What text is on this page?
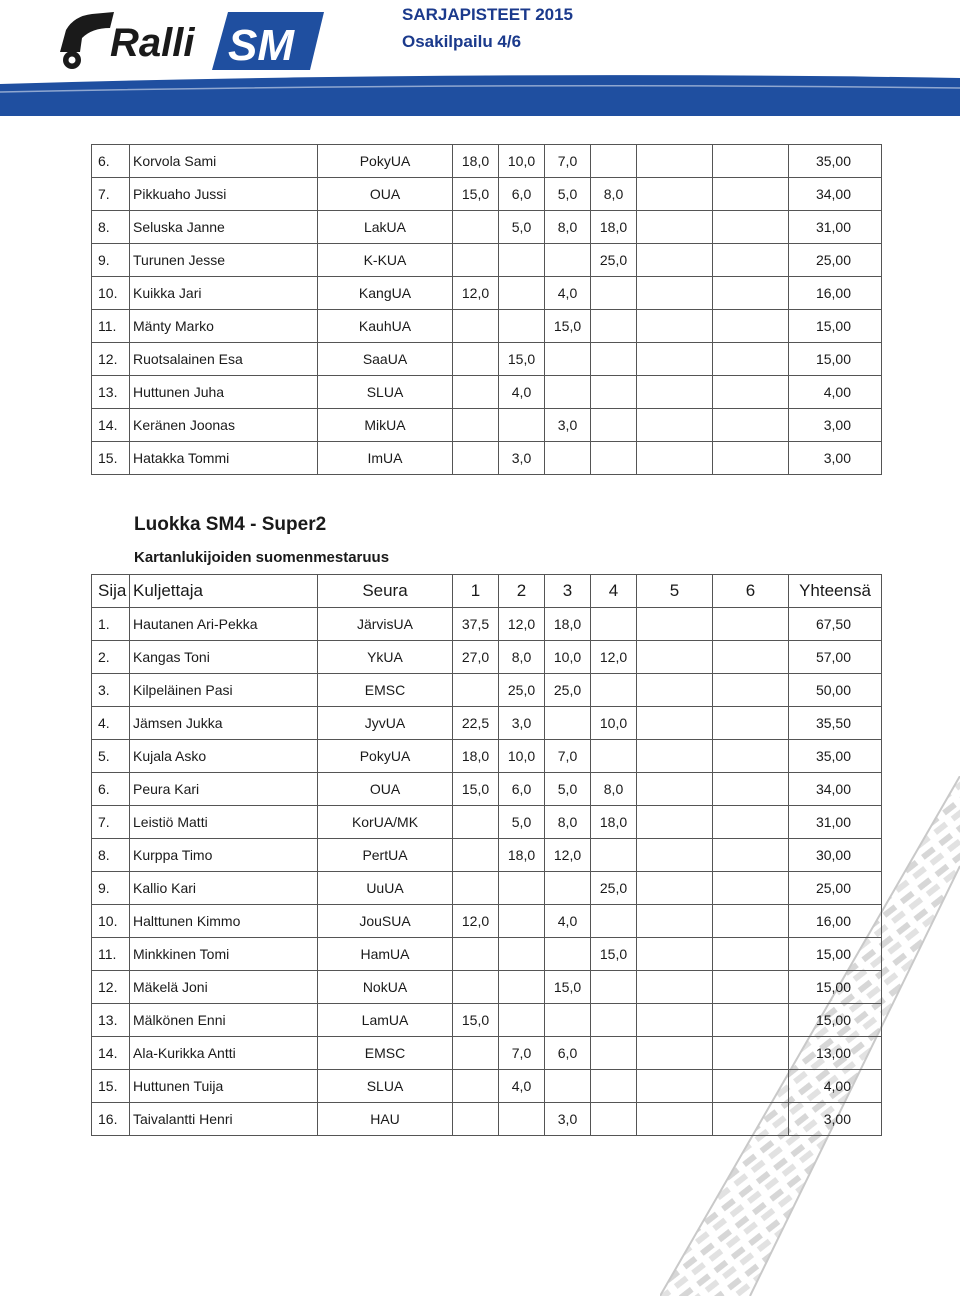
Ralli SM
SARJAPISTEET 2015
Osakilpailu 4/6
6.	Korvola Sami	PokyUA	18,0	10,0	7,0				35,00
7.	Pikkuaho Jussi	OUA	15,0	6,0	5,0	8,0			34,00
8.	Seluska Janne	LakUA		5,0	8,0	18,0			31,00
9.	Turunen Jesse	K-KUA				25,0			25,00
10.	Kuikka Jari	KangUA	12,0		4,0				16,00
11.	Mänty Marko	KauhUA			15,0				15,00
12.	Ruotsalainen Esa	SaaUA		15,0					15,00
13.	Huttunen Juha	SLUA		4,0					4,00
14.	Keränen Joonas	MikUA			3,0				3,00
15.	Hatakka Tommi	ImUA		3,0					3,00
Luokka SM4 - Super2
Kartanlukijoiden suomenmestaruus
Sija	Kuljettaja	Seura	1	2	3	4	5	6	Yhteensä
1.	Hautanen Ari-Pekka	JärvisUA	37,5	12,0	18,0				67,50
2.	Kangas Toni	YkUA	27,0	8,0	10,0	12,0			57,00
3.	Kilpeläinen Pasi	EMSC		25,0	25,0				50,00
4.	Jämsen Jukka	JyvUA	22,5	3,0		10,0			35,50
5.	Kujala Asko	PokyUA	18,0	10,0	7,0				35,00
6.	Peura Kari	OUA	15,0	6,0	5,0	8,0			34,00
7.	Leistiö Matti	KorUA/MK		5,0	8,0	18,0			31,00
8.	Kurppa Timo	PertUA		18,0	12,0				30,00
9.	Kallio Kari	UuUA				25,0			25,00
10.	Halttunen Kimmo	JouSUA	12,0		4,0				16,00
11.	Minkkinen Tomi	HamUA				15,0			15,00
12.	Mäkelä Joni	NokUA			15,0				15,00
13.	Mälkönen Enni	LamUA	15,0						15,00
14.	Ala-Kurikka Antti	EMSC		7,0	6,0				13,00
15.	Huttunen Tuija	SLUA		4,0					4,00
16.	Taivalantti Henri	HAU			3,0				3,00
